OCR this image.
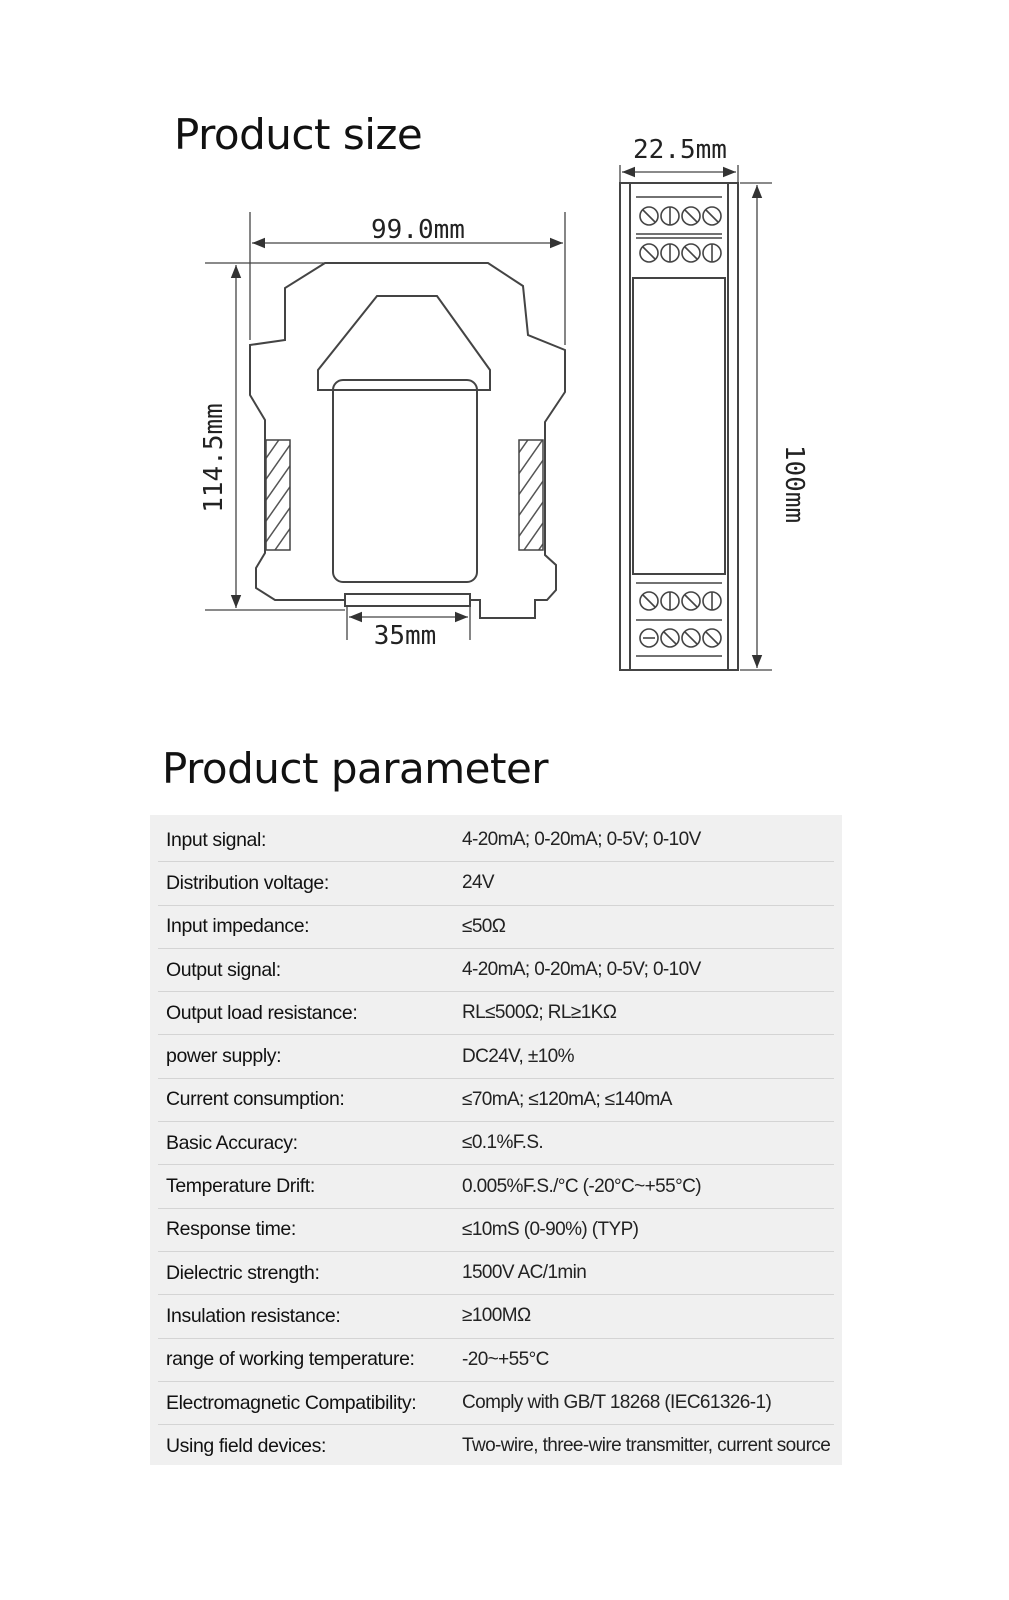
Product size
99.0mm
114.5mm
35mm
22.5mm
100mm
Product parameter
Input signal:	4-20mA; 0-20mA; 0-5V; 0-10V
Distribution voltage:	24V
Input impedance:	≤50Ω
Output signal:	4-20mA; 0-20mA; 0-5V; 0-10V
Output load resistance:	RL≤500Ω; RL≥1KΩ
power supply:	DC24V, ±10%
Current consumption:	≤70mA; ≤120mA; ≤140mA
Basic Accuracy:	≤0.1%F.S.
Temperature Drift:	0.005%F.S./°C (-20°C~+55°C)
Response time:	≤10mS (0-90%) (TYP)
Dielectric strength:	1500V AC/1min
Insulation resistance:	≥100MΩ
range of working temperature:	-20~+55°C
Electromagnetic Compatibility:	Comply with GB/T 18268 (IEC61326-1)
Using field devices:	Two-wire, three-wire transmitter, current source
